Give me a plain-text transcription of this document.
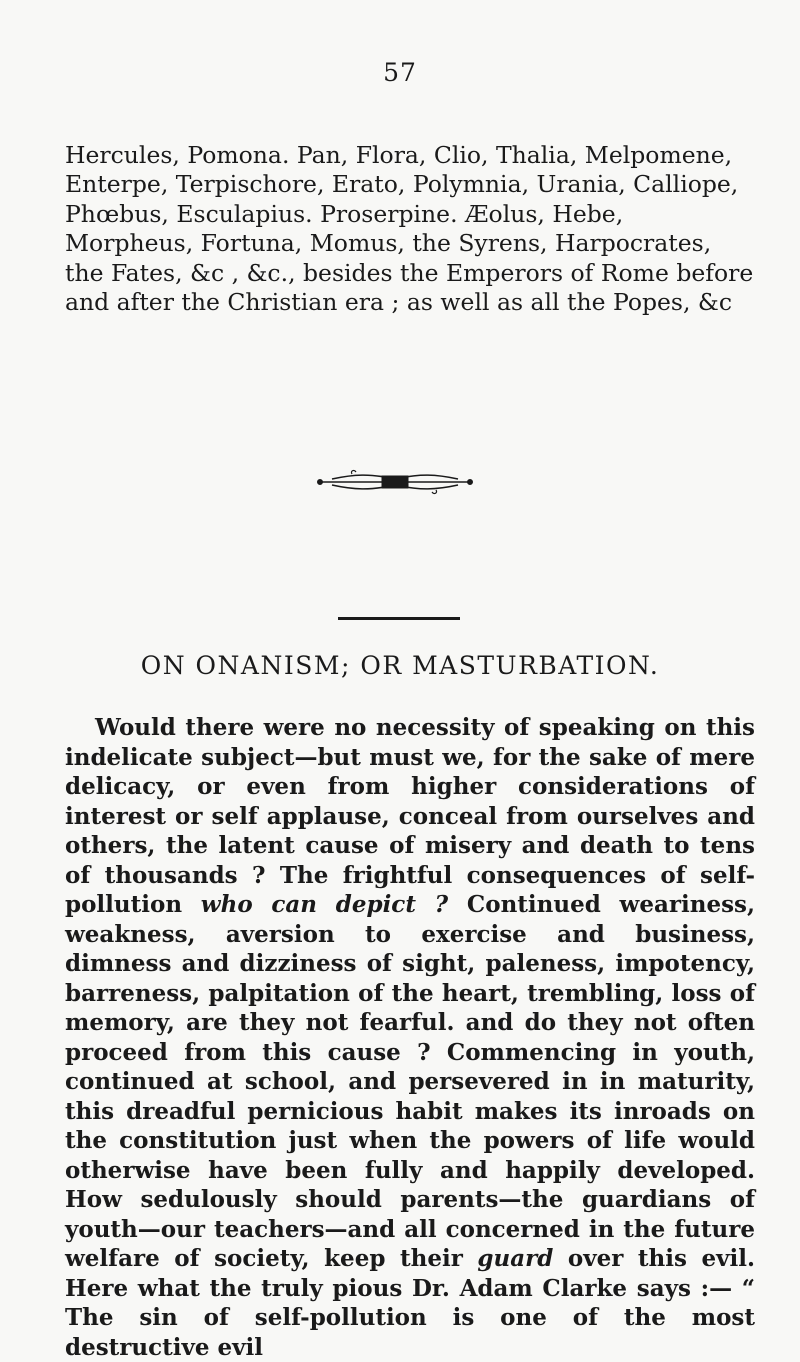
57

Hercules, Pomona. Pan, Flora, Clio, Thalia, Melpomene, Enterpe, Terpischore, Erato, Polymnia, Urania, Calliope, Phœbus, Esculapius. Proserpine. Æolus, Hebe, Morpheus, Fortuna, Momus, the Syrens, Harpocrates, the Fates, &c , &c., besides the Emperors of Rome before and after the Christian era ; as well as all the Popes, &c

ON ONANISM; OR MASTURBATION.

Would there were no necessity of speaking on this indelicate subject—but must we, for the sake of mere delicacy, or even from higher considerations of interest or self applause, conceal from ourselves and others, the latent cause of misery and death to tens of thousands ? The frightful consequences of self-pollution who can depict ? Continued weariness, weakness, aversion to exercise and business, dimness and dizziness of sight, paleness, impotency, barreness, palpitation of the heart, trembling, loss of memory, are they not fearful. and do they not often proceed from this cause ? Commencing in youth, continued at school, and persevered in in maturity, this dreadful pernicious habit makes its inroads on the constitution just when the powers of life would otherwise have been fully and happily developed. How sedulously should parents—the guardians of youth—our teachers—and all concerned in the future welfare of society, keep their guard over this evil. Here what the truly pious Dr. Adam Clarke says :— “ The sin of self-pollution is one of the most destructive evil
